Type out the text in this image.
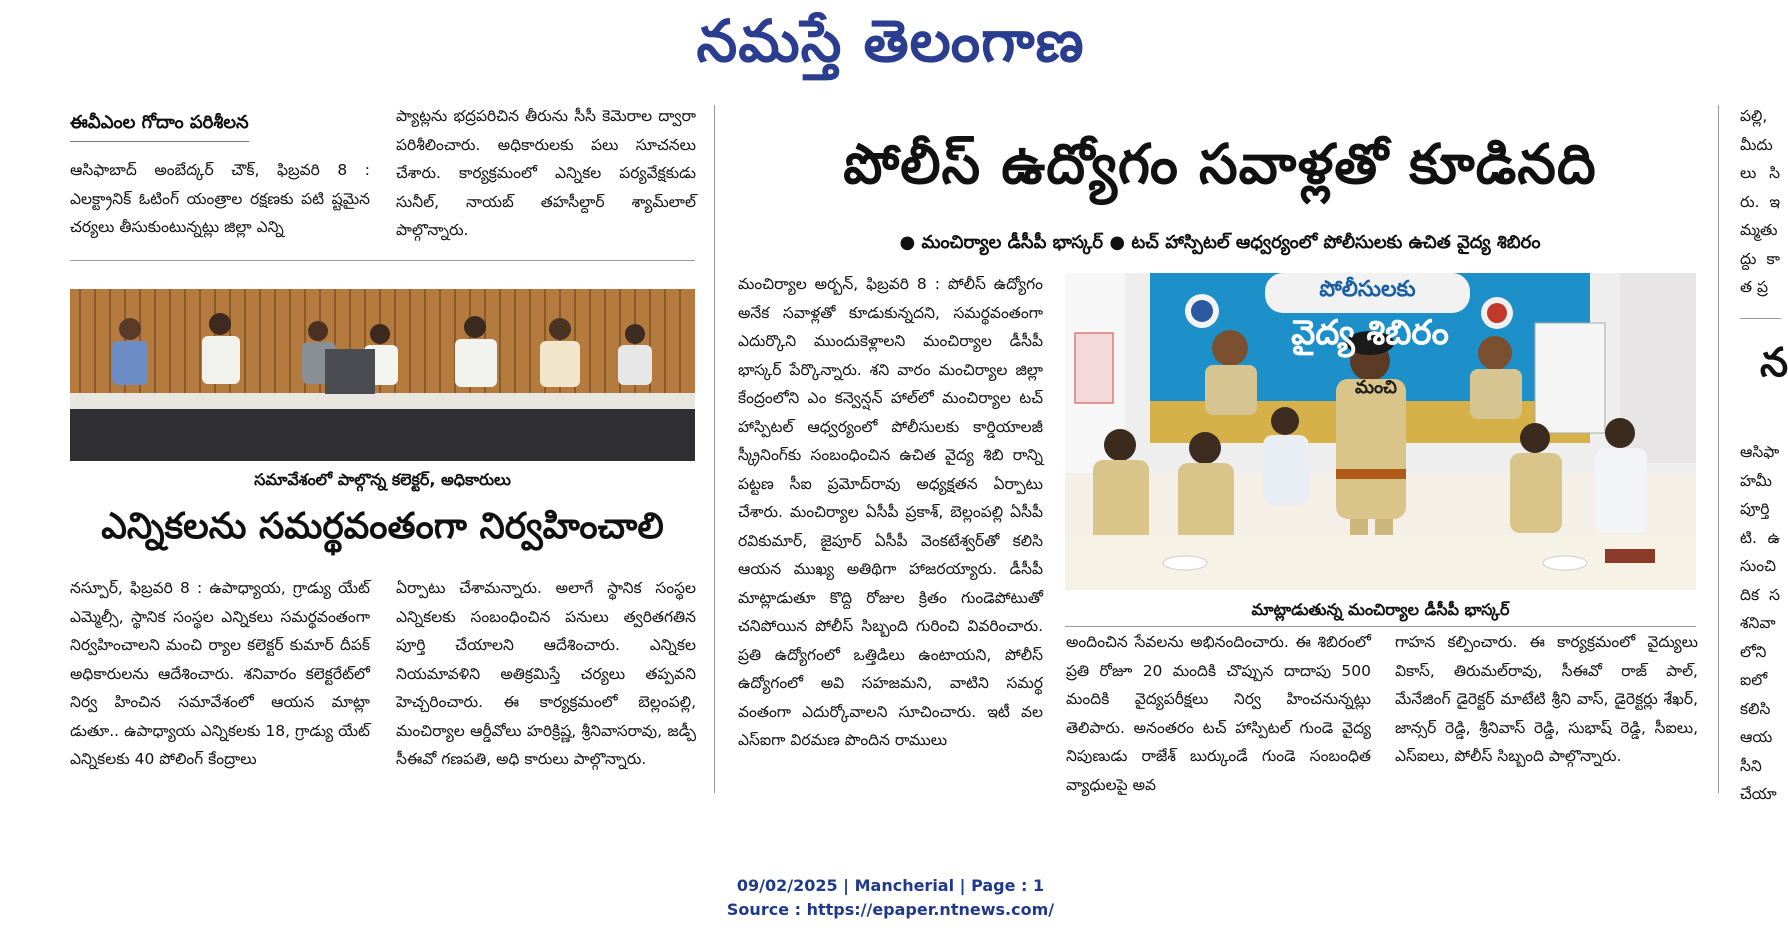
నమస్తే తెలంగాణ
ఈవీఎంల గోదాం పరిశీలన
ఆసిఫాబాద్ అంబేద్కర్ చౌక్, ఫిబ్రవరి 8 : ఎలక్ట్రానిక్ ఓటింగ్ యంత్రాల రక్షణకు పటి ష్టమైన చర్యలు తీసుకుంటున్నట్లు జిల్లా ఎన్ని
ప్యాట్లను భద్రపరిచిన తీరును సీసీ కెమెరాల ద్వారా పరిశీలించారు. అధికారులకు పలు సూచనలు చేశారు. కార్యక్రమంలో ఎన్నికల పర్యవేక్షకుడు సునీల్, నాయబ్ తహసీల్దార్ శ్యామ్‌లాల్ పాల్గొన్నారు.
సమావేశంలో పాల్గొన్న కలెక్టర్, అధికారులు
ఎన్నికలను సమర్థవంతంగా నిర్వహించాలి
నస్పూర్, ఫిబ్రవరి 8 : ఉపాధ్యాయ, గ్రాడ్యు యేట్ ఎమ్మెల్సీ, స్థానిక సంస్థల ఎన్నికలు సమర్థవంతంగా నిర్వహించాలని మంచి ర్యాల కలెక్టర్ కుమార్ దీపక్ అధికారులను ఆదేశించారు. శనివారం కలెక్టరేట్‌లో నిర్వ హించిన సమావేశంలో ఆయన మాట్లా డుతూ.. ఉపాధ్యాయ ఎన్నికలకు 18, గ్రాడ్యు యేట్ ఎన్నికలకు 40 పోలింగ్ కేంద్రాలు
ఏర్పాటు చేశామన్నారు. అలాగే స్థానిక సంస్థల ఎన్నికలకు సంబంధించిన పనులు త్వరితగతిన పూర్తి చేయాలని ఆదేశించారు. ఎన్నికల నియమావళిని అతిక్రమిస్తే చర్యలు తప్పవని హెచ్చరించారు. ఈ కార్యక్రమంలో బెల్లంపల్లి, మంచిర్యాల ఆర్డీవోలు హరిక్రిష్ణ, శ్రీనివాసరావు, జడ్పీ సీఈవో గణపతి, అధి కారులు పాల్గొన్నారు.
పోలీస్ ఉద్యోగం సవాళ్లతో కూడినది
● మంచిర్యాల డీసీపీ భాస్కర్ ● టచ్ హాస్పిటల్ ఆధ్వర్యంలో పోలీసులకు ఉచిత వైద్య శిబిరం
మంచిర్యాల అర్బన్, ఫిబ్రవరి 8 : పోలీస్ ఉద్యోగం అనేక సవాళ్లతో కూడుకున్నదని, సమర్థవంతంగా ఎదుర్కొని ముందుకెళ్లాలని మంచిర్యాల డీసీపీ భాస్కర్ పేర్కొన్నారు. శని వారం మంచిర్యాల జిల్లా కేంద్రంలోని ఎం కన్వెన్షన్ హాల్‌లో మంచిర్యాల టచ్ హాస్పిటల్ ఆధ్వర్యంలో పోలీసులకు కార్డియాలజీ స్క్రీనింగ్‌కు సంబంధించిన ఉచిత వైద్య శిబి రాన్ని పట్టణ సీఐ ప్రమోద్‌రావు అధ్యక్షతన ఏర్పాటు చేశారు. మంచిర్యాల ఏసీపీ ప్రకాశ్, బెల్లంపల్లి ఏసీపీ రవికుమార్, జైపూర్ ఏసీపీ వెంకటేశ్వర్‌తో కలిసి ఆయన ముఖ్య అతిథిగా హాజరయ్యారు. డీసీపీ మాట్లాడుతూ కొద్ది రోజుల క్రితం గుండెపోటుతో చనిపోయిన పోలీస్ సిబ్బంది గురించి వివరించారు. ప్రతి ఉద్యోగంలో ఒత్తిడిలు ఉంటాయని, పోలీస్ ఉద్యోగంలో అవి సహజమని, వాటిని సమర్థ వంతంగా ఎదుర్కోవాలని సూచించారు. ఇటీ వల ఎస్ఐగా విరమణ పొందిన రాములు
పోలీసులకు
వైద్య శిబిరం
మంచి
మాట్లాడుతున్న మంచిర్యాల డీసీపీ భాస్కర్
అందించిన సేవలను అభినందించారు. ఈ శిబిరంలో ప్రతి రోజూ 20 మందికి చొప్పున దాదాపు 500 మందికి వైద్యపరీక్షలు నిర్వ హించనున్నట్లు తెలిపారు. అనంతరం టచ్ హాస్పిటల్ గుండె వైద్య నిపుణుడు రాజేశ్ బుర్కుండే గుండె సంబంధిత వ్యాధులపై అవ
గాహన కల్పించారు. ఈ కార్యక్రమంలో వైద్యులు వికాస్, తిరుమల్‌రావు, సీఈవో రాజ్ పాల్, మేనేజింగ్ డైరెక్టర్ మాటేటి శ్రీని వాస్, డైరెక్టర్లు శేఖర్, జాన్సర్ రెడ్డి, శ్రీనివాస్ రెడ్డి, సుభాష్ రెడ్డి, సీఐలు, ఎస్ఐలు, పోలీస్ సిబ్బంది పాల్గొన్నారు.
పల్లి, మీదు లు సి రు. ఇ మ్మతు ద్దు కా త ప్ర
న
ఆసిఫా హమీ పూర్తి టి. ఉ సుంచి దిక స శనివా లోని ఐలో కలిసి ఆయ సీని చేయా
09/02/2025 | Mancherial | Page : 1
Source : https://epaper.ntnews.com/
